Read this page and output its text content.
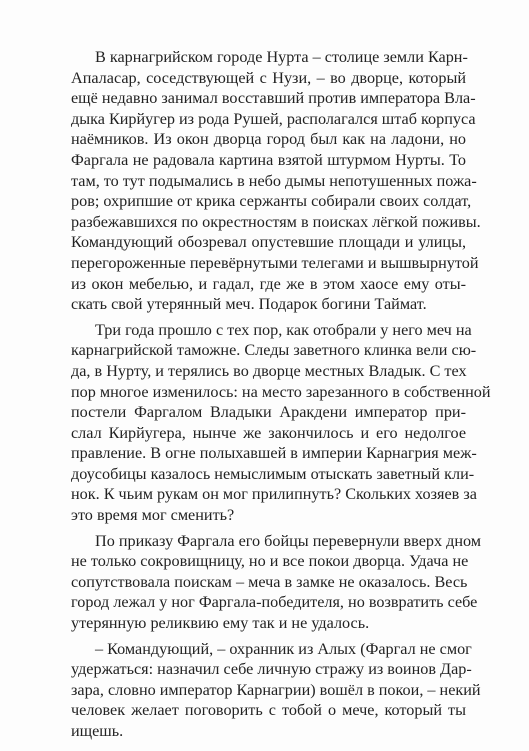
В карнагрийском городе Нурта – столице земли Карн-
Апаласар, соседствующей с Нузи, – во дворце, который
ещё недавно занимал восставший против императора Вла-
дыка Кирйугер из рода Рушей, располагался штаб корпуса
наёмников. Из окон дворца город был как на ладони, но
Фаргала не радовала картина взятой штурмом Нурты. То
там, то тут подымались в небо дымы непотушенных пожа-
ров; охрипшие от крика сержанты собирали своих солдат,
разбежавшихся по окрестностям в поисках лёгкой поживы.
Командующий обозревал опустевшие площади и улицы,
перегороженные перевёрнутыми телегами и вышвырнутой
из окон мебелью, и гадал, где же в этом хаосе ему оты-
скать свой утерянный меч. Подарок богини Таймат.
Три года прошло с тех пор, как отобрали у него меч на
карнагрийской таможне. Следы заветного клинка вели сю-
да, в Нурту, и терялись во дворце местных Владык. С тех
пор многое изменилось: на место зарезанного в собственной
постели Фаргалом Владыки Аракдени император при-
слал Кирйугера, нынче же закончилось и его недолгое
правление. В огне полыхавшей в империи Карнагрия меж-
доусобицы казалось немыслимым отыскать заветный кли-
нок. К чьим рукам он мог прилипнуть? Скольких хозяев за
это время мог сменить?
По приказу Фаргала его бойцы перевернули вверх дном
не только сокровищницу, но и все покои дворца. Удача не
сопутствовала поискам – меча в замке не оказалось. Весь
город лежал у ног Фаргала-победителя, но возвратить себе
утерянную реликвию ему так и не удалось.
– Командующий, – охранник из Алых (Фаргал не смог
удержаться: назначил себе личную стражу из воинов Дар-
зара, словно император Карнагрии) вошёл в покои, – некий
человек желает поговорить с тобой о мече, который ты
ищешь.
